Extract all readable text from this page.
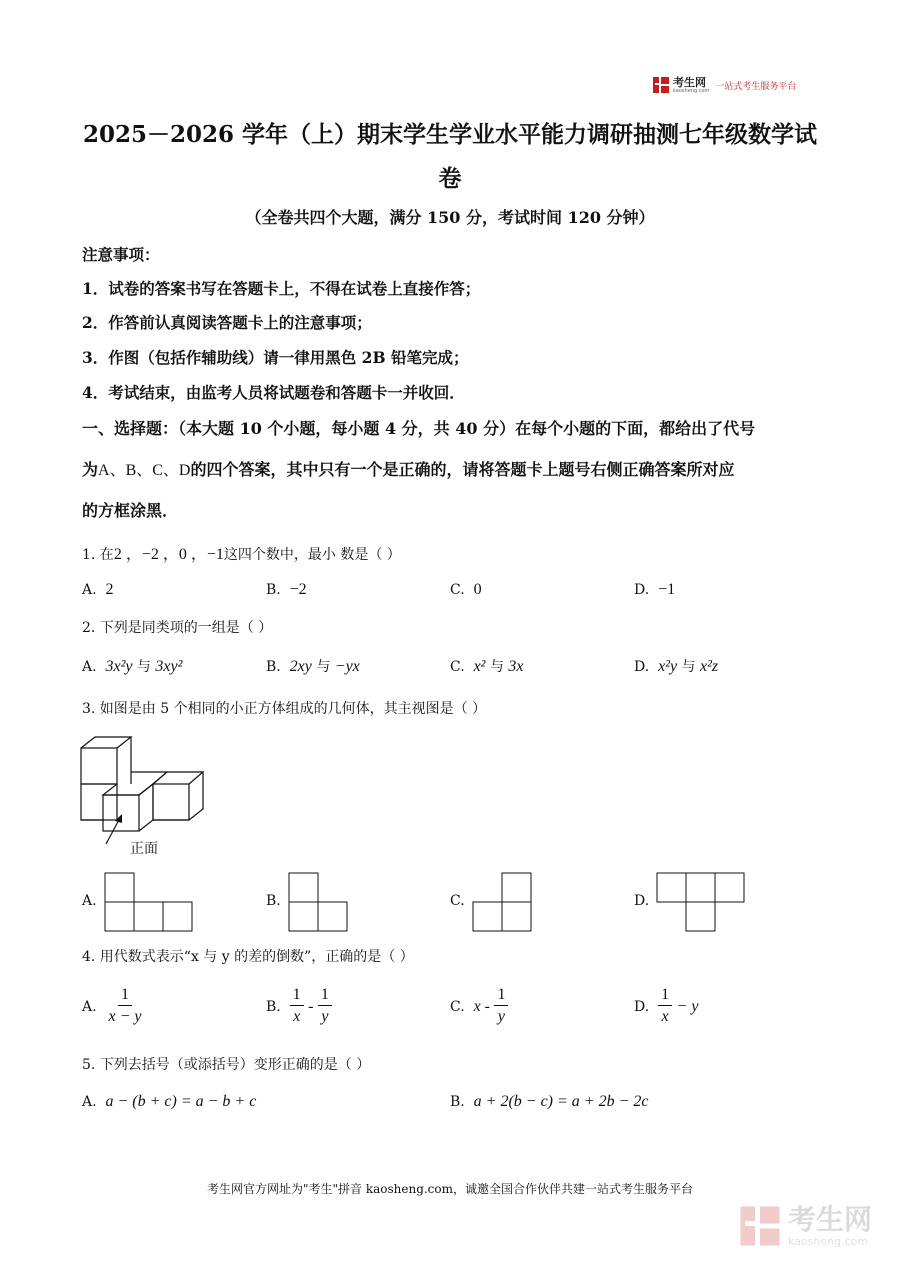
考生网
kaosheng.com 一站式考生服务平台
2025－2026 学年（上）期末学生学业水平能力调研抽测七年级数学试
卷
（全卷共四个大题，满分 150 分，考试时间 120 分钟）
注意事项：
1．试卷的答案书写在答题卡上，不得在试卷上直接作答；
2．作答前认真阅读答题卡上的注意事项；
3．作图（包括作辅助线）请一律用黑色 2B 铅笔完成；
4．考试结束，由监考人员将试题卷和答题卡一并收回．
一、选择题：（本大题 10 个小题，每小题 4 分，共 40 分）在每个小题的下面，都给出了代号
为A、B、C、D的四个答案，其中只有一个是正确的，请将答题卡上题号右侧正确答案所对应
的方框涂黑．
1. 在2 ，−2 ，0 ，−1这四个数中，最小 数是（ ）
A. 2	B. −2	C. 0	D. −1
2. 下列是同类项的一组是（ ）
A. 3x²y 与 3xy²	B. 2xy 与 −yx	C. x² 与 3x	D. x²y 与 x²z
3. 如图是由 5 个相同的小正方体组成的几何体，其主视图是（ ）
正面
A.	B.	C.	D.
4. 用代数式表示“x 与 y 的差的倒数”，正确的是（ ）
A.
$\frac{1}{x - y}$	B.
$\frac{1}{x}$
-
$\frac{1}{y}$	C.
x -
$\frac{1}{y}$	D.
$\frac{1}{x}$
− y
5. 下列去括号（或添括号）变形正确的是（ ）
A. a − (b + c) = a − b + c	B. a + 2(b − c) = a + 2b − 2c
考生网官方网址为"考生"拼音 kaosheng.com，诚邀全国合作伙伴共建一站式考生服务平台
考生网
kaosheng.com
